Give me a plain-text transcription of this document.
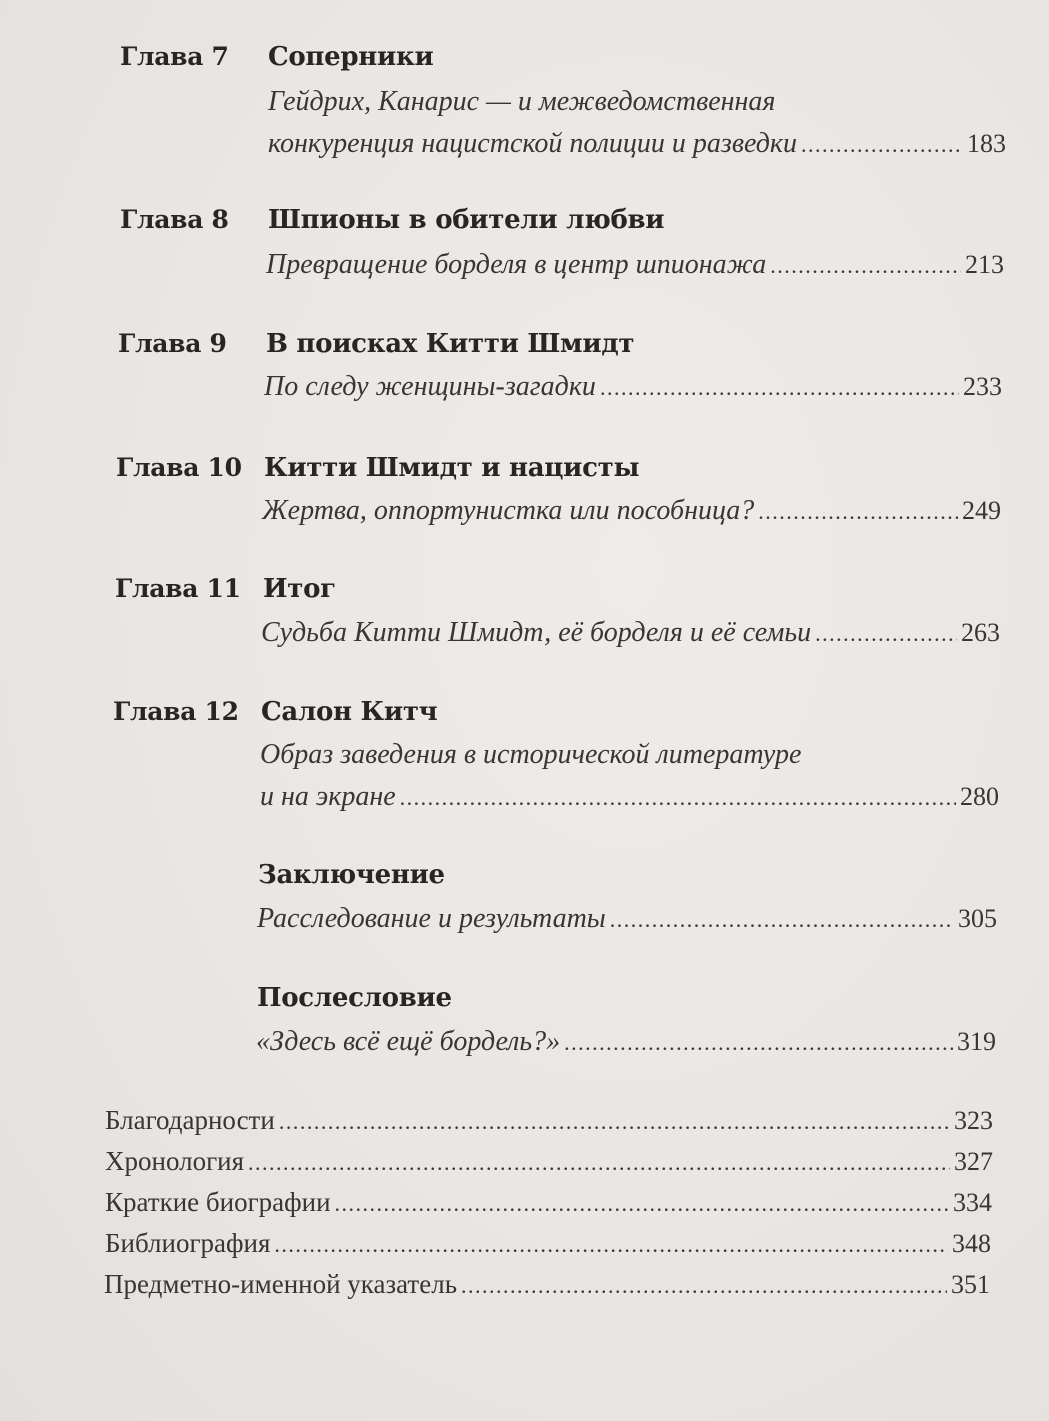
Глава 7 Соперники
Гейдрих, Канарис — и межведомственная
конкуренция нацистской полиции и разведки .....	183
Глава 8 Шпионы в обители любви
Превращение борделя в центр шпионажа .....	213
Глава 9 В поисках Китти Шмидт
По следу женщины-загадки .....	233
Глава 10 Китти Шмидт и нацисты
Жертва, оппортунистка или пособница? .....	249
Глава 11 Итог
Судьба Китти Шмидт, её борделя и её семьи .....	263
Глава 12 Салон Китч
Образ заведения в исторической литературе
и на экране .....	280
Заключение
Расследование и результаты .....	305
Послесловие
«Здесь всё ещё бордель?» .....	319
Благодарности .....	323
Хронология .....	327
Краткие биографии .....	334
Библиография .....	348
Предметно-именной указатель .....	351
